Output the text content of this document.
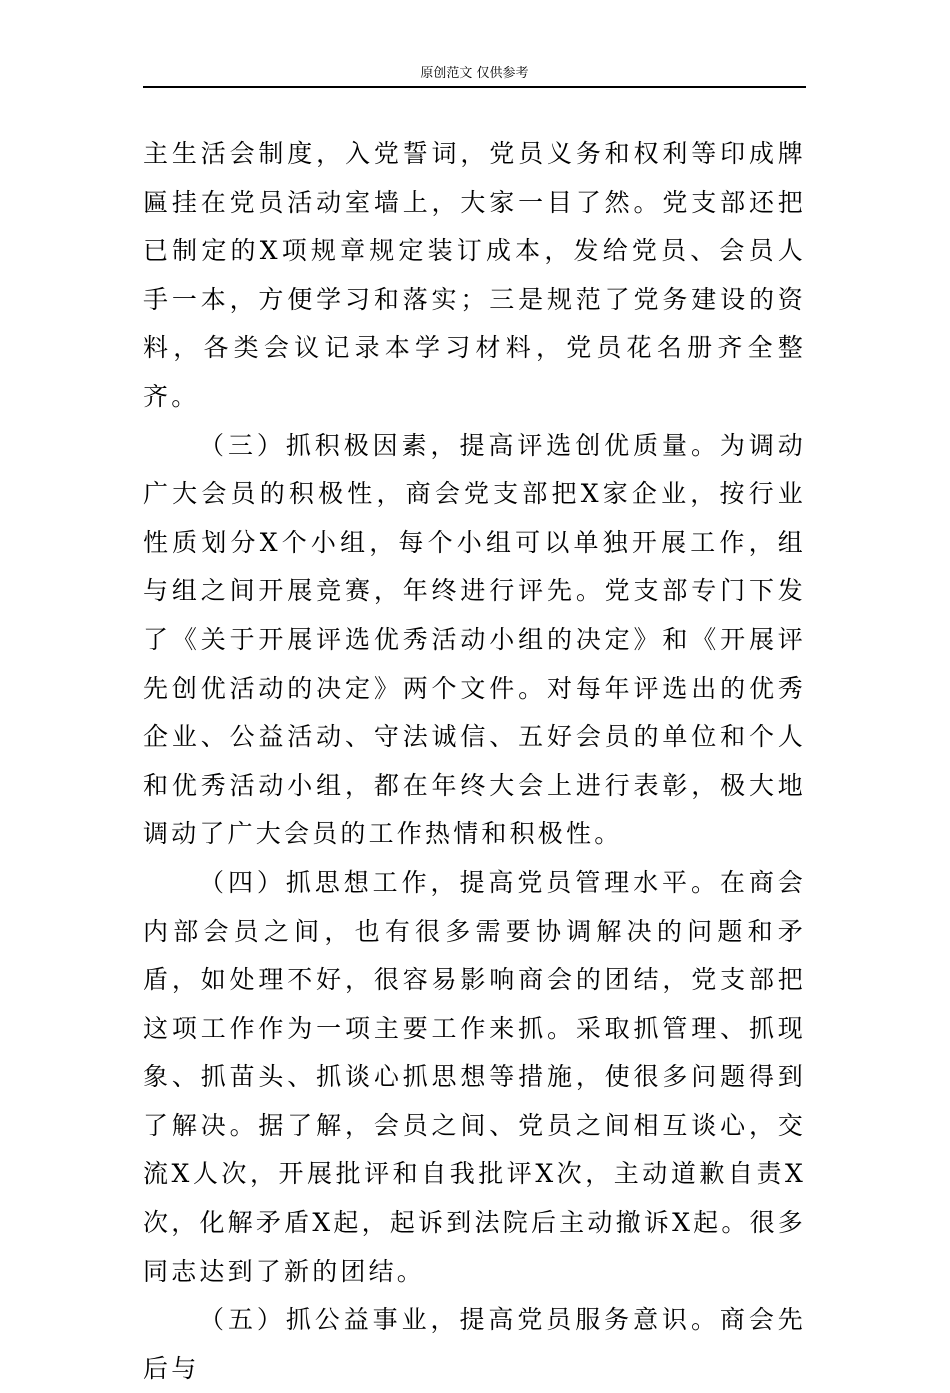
原创范文 仅供参考

主生活会制度，入党誓词，党员义务和权利等印成牌匾挂在党员活动室墙上，大家一目了然。党支部还把已制定的X项规章规定装订成本，发给党员、会员人手一本，方便学习和落实；三是规范了党务建设的资料，各类会议记录本学习材料，党员花名册齐全整齐。

（三）抓积极因素，提高评选创优质量。为调动广大会员的积极性，商会党支部把X家企业，按行业性质划分X个小组，每个小组可以单独开展工作，组与组之间开展竞赛，年终进行评先。党支部专门下发了《关于开展评选优秀活动小组的决定》和《开展评先创优活动的决定》两个文件。对每年评选出的优秀企业、公益活动、守法诚信、五好会员的单位和个人和优秀活动小组，都在年终大会上进行表彰，极大地调动了广大会员的工作热情和积极性。

（四）抓思想工作，提高党员管理水平。在商会内部会员之间，也有很多需要协调解决的问题和矛盾，如处理不好，很容易影响商会的团结，党支部把这项工作作为一项主要工作来抓。采取抓管理、抓现象、抓苗头、抓谈心抓思想等措施，使很多问题得到了解决。据了解，会员之间、党员之间相互谈心，交流X人次，开展批评和自我批评X次，主动道歉自责X次，化解矛盾X起，起诉到法院后主动撤诉X起。很多同志达到了新的团结。

（五）抓公益事业，提高党员服务意识。商会先后与
